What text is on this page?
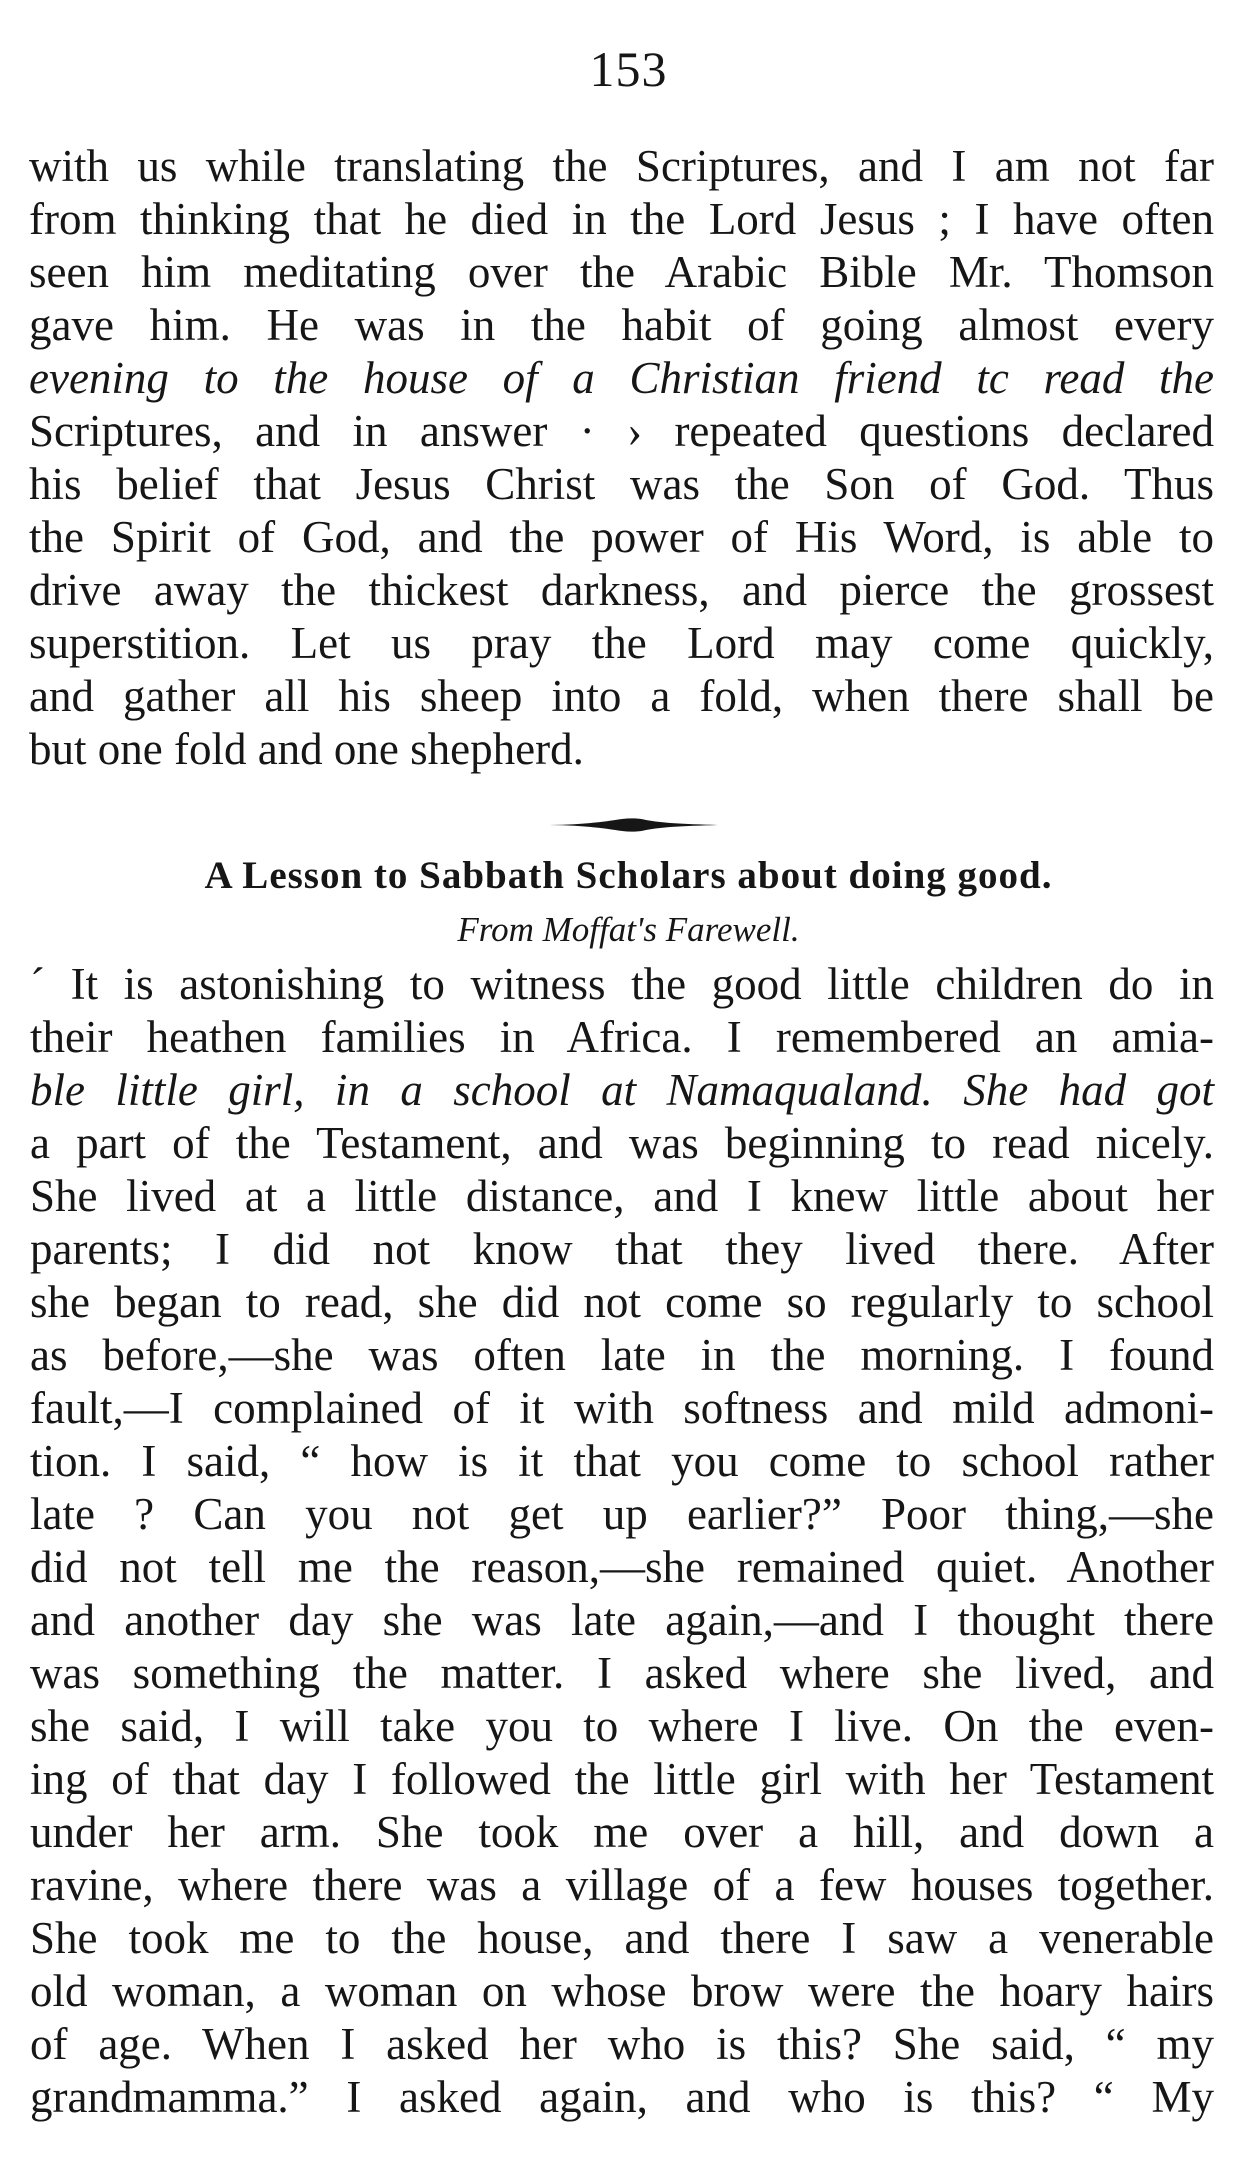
153
with us while translating the Scriptures, and I am not far
from thinking that he died in the Lord Jesus ; I have often
seen him meditating over the Arabic Bible Mr. Thomson
gave him. He was in the habit of going almost every
evening to the house of a Christian friend tc read the
Scriptures, and in answer · › repeated questions declared
his belief that Jesus Christ was the Son of God. Thus
the Spirit of God, and the power of His Word, is able to
drive away the thickest darkness, and pierce the grossest
superstition. Let us pray the Lord may come quickly,
and gather all his sheep into a fold, when there shall be
but one fold and one shepherd.
A Lesson to Sabbath Scholars about doing good.
From Moffat's Farewell.
´ It is astonishing to witness the good little children do in
their heathen families in Africa. I remembered an amia-
ble little girl, in a school at Namaqualand. She had got
a part of the Testament, and was beginning to read nicely.
She lived at a little distance, and I knew little about her
parents; I did not know that they lived there. After
she began to read, she did not come so regularly to school
as before,—she was often late in the morning. I found
fault,—I complained of it with softness and mild admoni-
tion. I said, “ how is it that you come to school rather
late ? Can you not get up earlier?” Poor thing,—she
did not tell me the reason,—she remained quiet. Another
and another day she was late again,—and I thought there
was something the matter. I asked where she lived, and
she said, I will take you to where I live. On the even-
ing of that day I followed the little girl with her Testament
under her arm. She took me over a hill, and down a
ravine, where there was a village of a few houses together.
She took me to the house, and there I saw a venerable
old woman, a woman on whose brow were the hoary hairs
of age. When I asked her who is this? She said, “ my
grandmamma.” I asked again, and who is this? “ My
